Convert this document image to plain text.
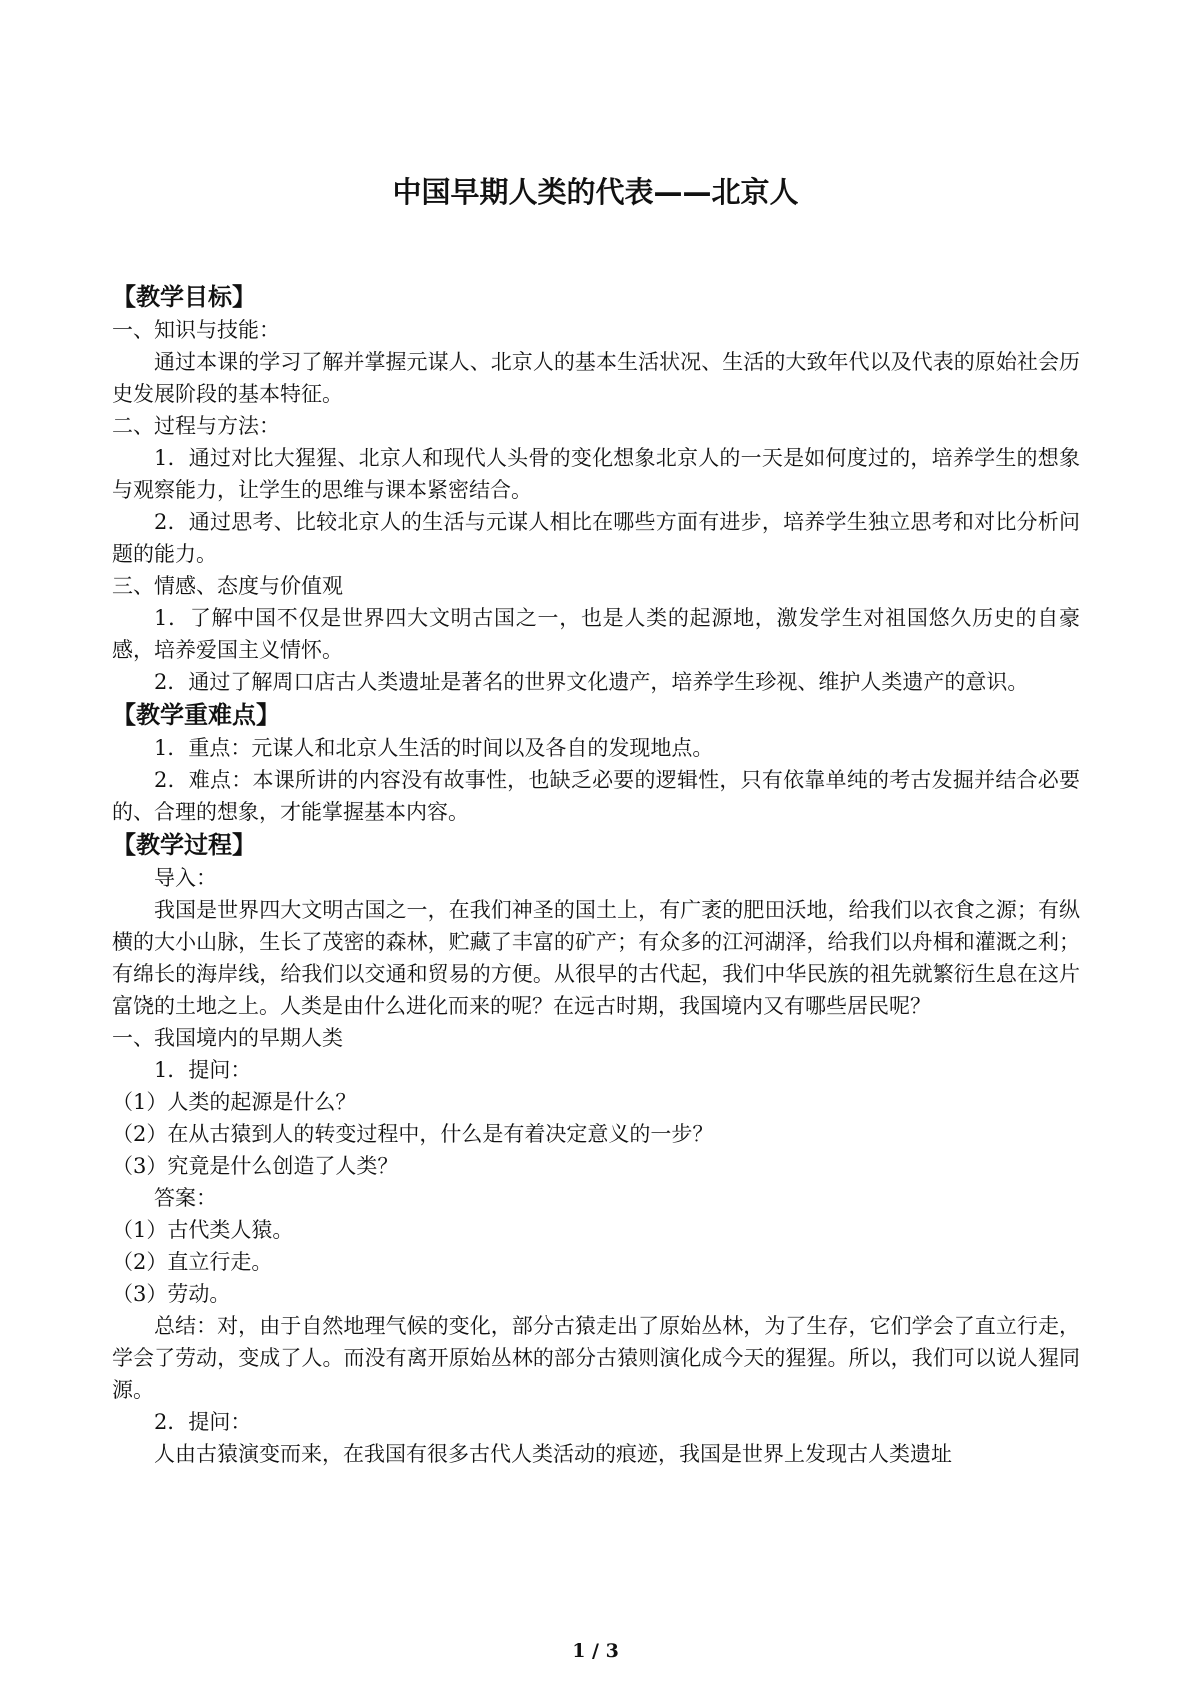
中国早期人类的代表——北京人

【教学目标】

一、知识与技能：

通过本课的学习了解并掌握元谋人、北京人的基本生活状况、生活的大致年代以及代表的原始社会历史发展阶段的基本特征。

二、过程与方法：

1．通过对比大猩猩、北京人和现代人头骨的变化想象北京人的一天是如何度过的，培养学生的想象与观察能力，让学生的思维与课本紧密结合。

2．通过思考、比较北京人的生活与元谋人相比在哪些方面有进步，培养学生独立思考和对比分析问题的能力。

三、情感、态度与价值观

1．了解中国不仅是世界四大文明古国之一，也是人类的起源地，激发学生对祖国悠久历史的自豪感，培养爱国主义情怀。

2．通过了解周口店古人类遗址是著名的世界文化遗产，培养学生珍视、维护人类遗产的意识。

【教学重难点】

1．重点：元谋人和北京人生活的时间以及各自的发现地点。

2．难点：本课所讲的内容没有故事性，也缺乏必要的逻辑性，只有依靠单纯的考古发掘并结合必要的、合理的想象，才能掌握基本内容。

【教学过程】

导入：

我国是世界四大文明古国之一，在我们神圣的国土上，有广袤的肥田沃地，给我们以衣食之源；有纵横的大小山脉，生长了茂密的森林，贮藏了丰富的矿产；有众多的江河湖泽，给我们以舟楫和灌溉之利；有绵长的海岸线，给我们以交通和贸易的方便。从很早的古代起，我们中华民族的祖先就繁衍生息在这片富饶的土地之上。人类是由什么进化而来的呢？在远古时期，我国境内又有哪些居民呢？

一、我国境内的早期人类

1．提问：

（1）人类的起源是什么？

（2）在从古猿到人的转变过程中，什么是有着决定意义的一步？

（3）究竟是什么创造了人类？

答案：

（1）古代类人猿。

（2）直立行走。

（3）劳动。

总结：对，由于自然地理气候的变化，部分古猿走出了原始丛林，为了生存，它们学会了直立行走，学会了劳动，变成了人。而没有离开原始丛林的部分古猿则演化成今天的猩猩。所以，我们可以说人猩同源。

2．提问：

人由古猿演变而来，在我国有很多古代人类活动的痕迹，我国是世界上发现古人类遗址

1 / 3
